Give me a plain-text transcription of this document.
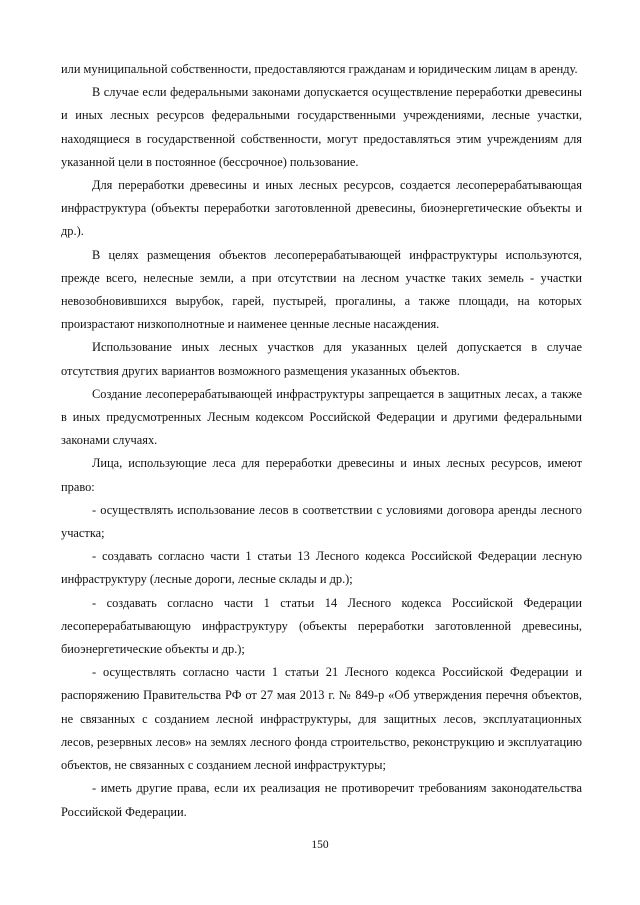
или муниципальной собственности, предоставляются гражданам и юридическим лицам в аренду.

В случае если федеральными законами допускается осуществление переработки древесины и иных лесных ресурсов федеральными государственными учреждениями, лесные участки, находящиеся в государственной собственности, могут предоставляться этим учреждениям для указанной цели в постоянное (бессрочное) пользование.

Для переработки древесины и иных лесных ресурсов, создается лесоперерабатывающая инфраструктура (объекты переработки заготовленной древесины, биоэнергетические объекты и др.).

В целях размещения объектов лесоперерабатывающей инфраструктуры используются, прежде всего, нелесные земли, а при отсутствии на лесном участке таких земель - участки невозобновившихся вырубок, гарей, пустырей, прогалины, а также площади, на которых произрастают низкополнотные и наименее ценные лесные насаждения.

Использование иных лесных участков для указанных целей допускается в случае отсутствия других вариантов возможного размещения указанных объектов.

Создание лесоперерабатывающей инфраструктуры запрещается в защитных лесах, а также в иных предусмотренных Лесным кодексом Российской Федерации и другими федеральными законами случаях.

Лица, использующие леса для переработки древесины и иных лесных ресурсов, имеют право:

- осуществлять использование лесов в соответствии с условиями договора аренды лесного участка;

- создавать согласно части 1 статьи 13 Лесного кодекса Российской Федерации лесную инфраструктуру (лесные дороги, лесные склады и др.);

- создавать согласно части 1 статьи 14 Лесного кодекса Российской Федерации лесоперерабатывающую инфраструктуру (объекты переработки заготовленной древесины, биоэнергетические объекты и др.);

- осуществлять согласно части 1 статьи 21 Лесного кодекса Российской Федерации и распоряжению Правительства РФ от 27 мая 2013 г. № 849-р «Об утверждения перечня объектов, не связанных с созданием лесной инфраструктуры, для защитных лесов, эксплуатационных лесов, резервных лесов» на землях лесного фонда строительство, реконструкцию и эксплуатацию объектов, не связанных с созданием лесной инфраструктуры;

- иметь другие права, если их реализация не противоречит требованиям законодательства Российской Федерации.

150
